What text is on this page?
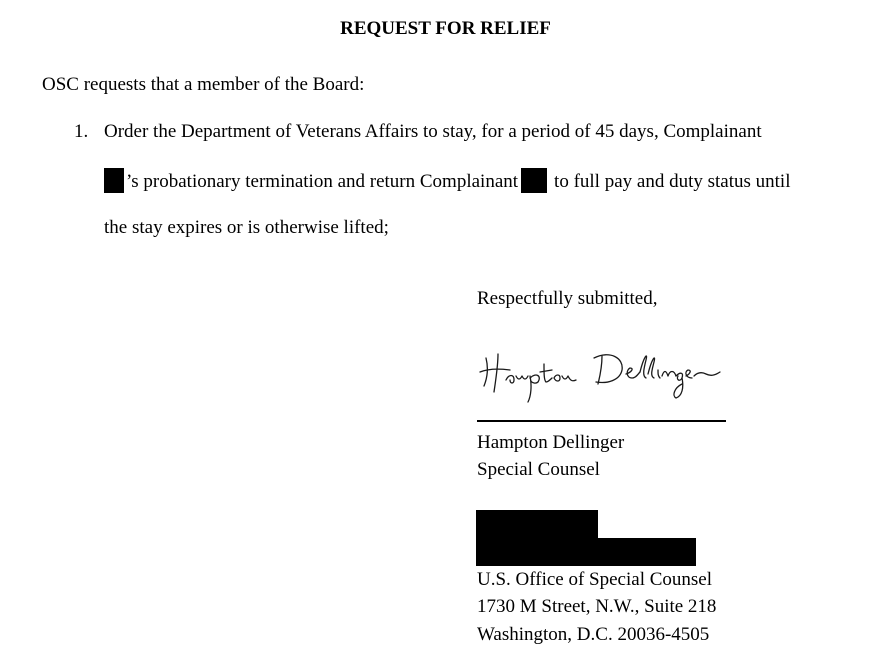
REQUEST FOR RELIEF
OSC requests that a member of the Board:
1. Order the Department of Veterans Affairs to stay, for a period of 45 days, Complainant
’s probationary termination and return Complainant to full pay and duty status until
the stay expires or is otherwise lifted;
Respectfully submitted,
Hampton Dellinger
Special Counsel
U.S. Office of Special Counsel
1730 M Street, N.W., Suite 218
Washington, D.C. 20036-4505
